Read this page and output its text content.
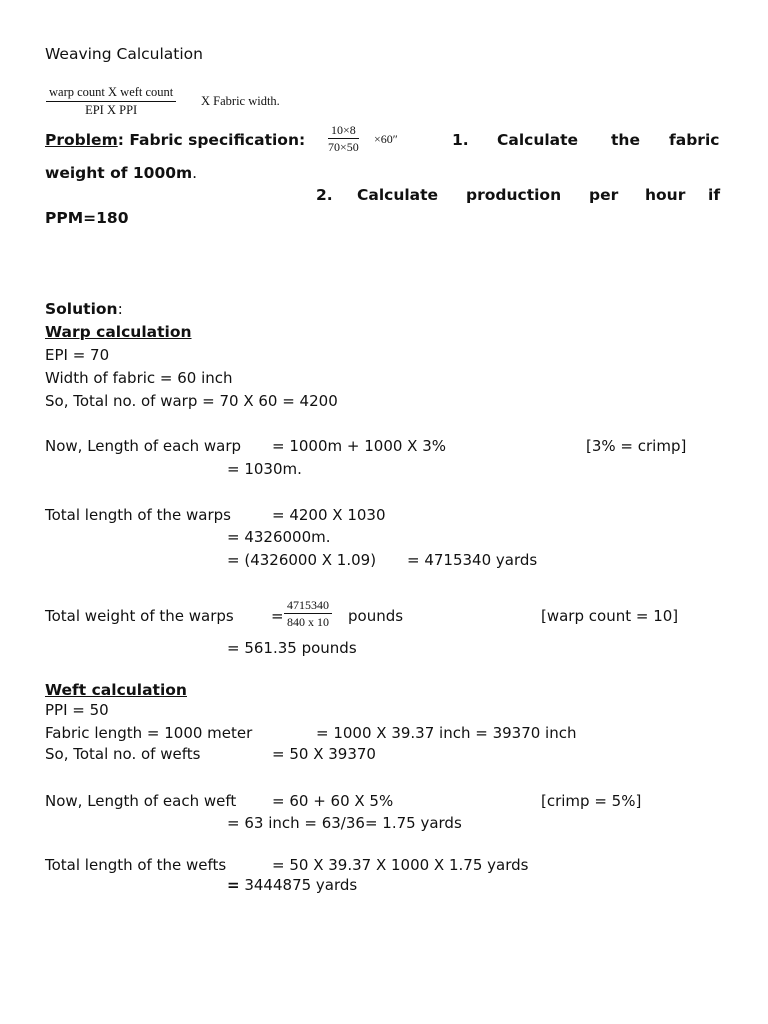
Weaving Calculation
warp count X weft count
EPI X PPI
X Fabric width.
Problem: Fabric specification: $\frac{10\times 8}{70\times 50} \times 60''$	1. Calculate the fabric
weight of 1000m.
2. Calculate production per hour if
PPM=180
Solution:
Warp calculation
EPI = 70
Width of fabric = 60 inch
So, Total no. of warp = 70 X 60 = 4200
Now, Length of each warp = 1000m + 1000 X 3%	[3% = crimp]
= 1030m.
Total length of the warps	= 4200 X 1030
= 4326000m.
= (4326000 X 1.09) = 4715340 yards
Total weight of the warps = $\frac{4715340}{840 x 10}$ pounds	[warp count = 10]
= 561.35 pounds
Weft calculation
PPI = 50
Fabric length = 1000 meter	= 1000 X 39.37 inch = 39370 inch
So, Total no. of wefts	= 50 X 39370
Now, Length of each weft = 60 + 60 X 5%	[crimp = 5%]
= 63 inch = 63/36= 1.75 yards
Total length of the wefts	= 50 X 39.37 X 1000 X 1.75 yards
= 3444875 yards
